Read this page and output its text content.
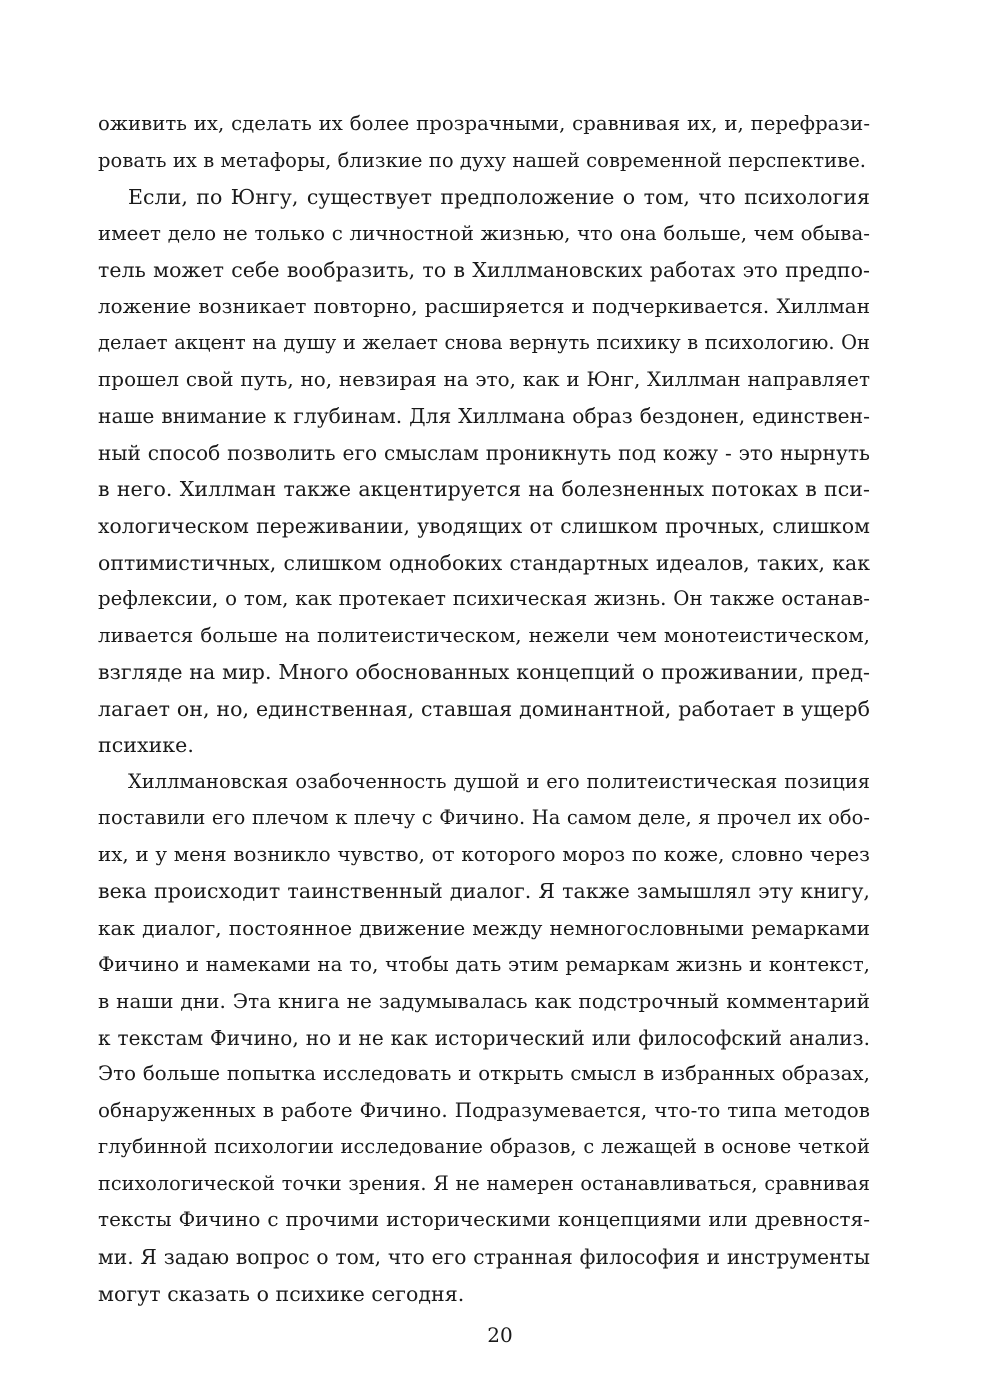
оживить их, сделать их более прозрачными, сравнивая их, и, перефрази-
ровать их в метафоры, близкие по духу нашей современной перспективе.
Если, по Юнгу, существует предположение о том, что психология
имеет дело не только с личностной жизнью, что она больше, чем обыва-
тель может себе вообразить, то в Хиллмановских работах это предпо-
ложение возникает повторно, расширяется и подчеркивается. Хиллман
делает акцент на душу и желает снова вернуть психику в психологию. Он
прошел свой путь, но, невзирая на это, как и Юнг, Хиллман направляет
наше внимание к глубинам. Для Хиллмана образ бездонен, единствен-
ный способ позволить его смыслам проникнуть под кожу - это нырнуть
в него. Хиллман также акцентируется на болезненных потоках в пси-
хологическом переживании, уводящих от слишком прочных, слишком
оптимистичных, слишком однобоких стандартных идеалов, таких, как
рефлексии, о том, как протекает психическая жизнь. Он также останав-
ливается больше на политеистическом, нежели чем монотеистическом,
взгляде на мир. Много обоснованных концепций о проживании, пред-
лагает он, но, единственная, ставшая доминантной, работает в ущерб
психике.
Хиллмановская озабоченность душой и его политеистическая позиция
поставили его плечом к плечу с Фичино. На самом деле, я прочел их обо-
их, и у меня возникло чувство, от которого мороз по коже, словно через
века происходит таинственный диалог. Я также замышлял эту книгу,
как диалог, постоянное движение между немногословными ремарками
Фичино и намеками на то, чтобы дать этим ремаркам жизнь и контекст,
в наши дни. Эта книга не задумывалась как подстрочный комментарий
к текстам Фичино, но и не как исторический или философский анализ.
Это больше попытка исследовать и открыть смысл в избранных образах,
обнаруженных в работе Фичино. Подразумевается, что-то типа методов
глубинной психологии исследование образов, с лежащей в основе четкой
психологической точки зрения. Я не намерен останавливаться, сравнивая
тексты Фичино с прочими историческими концепциями или древностя-
ми. Я задаю вопрос о том, что его странная философия и инструменты
могут сказать о психике сегодня.
20
